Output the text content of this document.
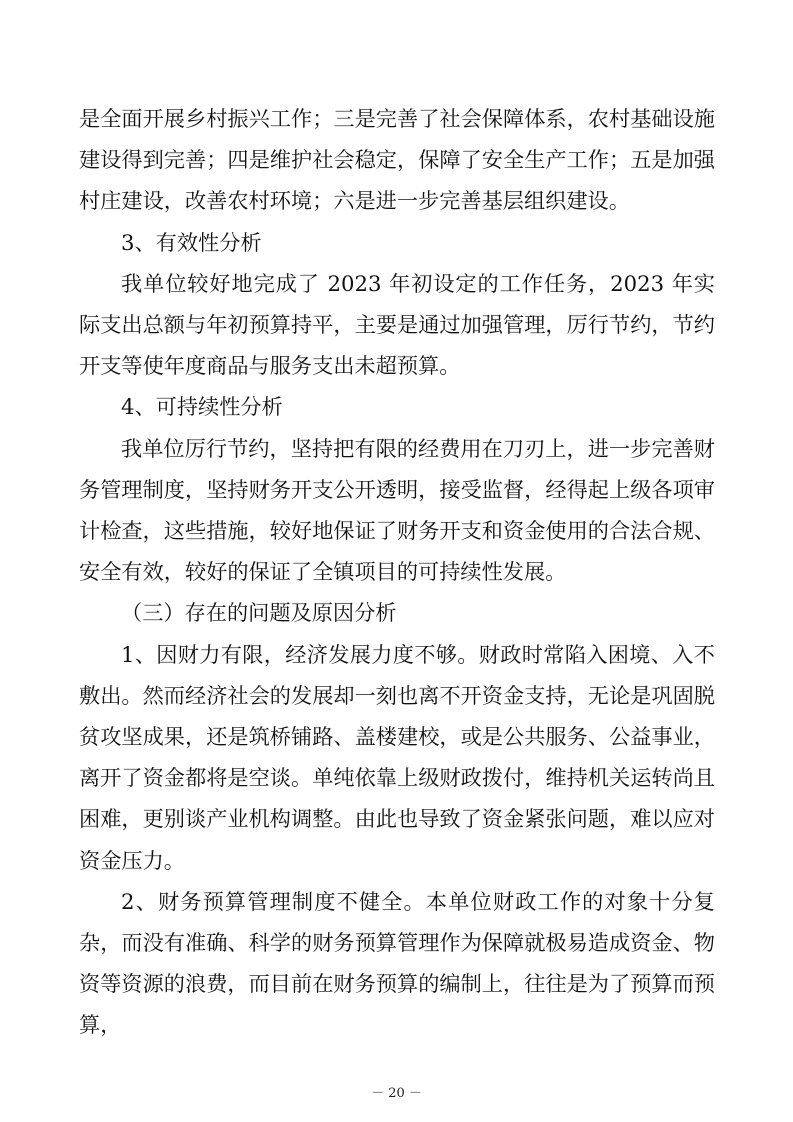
是全面开展乡村振兴工作；三是完善了社会保障体系，农村基础设施建设得到完善；四是维护社会稳定，保障了安全生产工作；五是加强村庄建设，改善农村环境；六是进一步完善基层组织建设。

3、有效性分析

我单位较好地完成了 2023 年初设定的工作任务，2023 年实际支出总额与年初预算持平，主要是通过加强管理，厉行节约，节约开支等使年度商品与服务支出未超预算。

4、可持续性分析

我单位厉行节约，坚持把有限的经费用在刀刃上，进一步完善财务管理制度，坚持财务开支公开透明，接受监督，经得起上级各项审计检查，这些措施，较好地保证了财务开支和资金使用的合法合规、安全有效，较好的保证了全镇项目的可持续性发展。

（三）存在的问题及原因分析

1、因财力有限，经济发展力度不够。财政时常陷入困境、入不敷出。然而经济社会的发展却一刻也离不开资金支持，无论是巩固脱贫攻坚成果，还是筑桥铺路、盖楼建校，或是公共服务、公益事业，离开了资金都将是空谈。单纯依靠上级财政拨付，维持机关运转尚且困难，更别谈产业机构调整。由此也导致了资金紧张问题，难以应对资金压力。

2、财务预算管理制度不健全。本单位财政工作的对象十分复杂，而没有准确、科学的财务预算管理作为保障就极易造成资金、物资等资源的浪费，而目前在财务预算的编制上，往往是为了预算而预算，

－ 20 －
